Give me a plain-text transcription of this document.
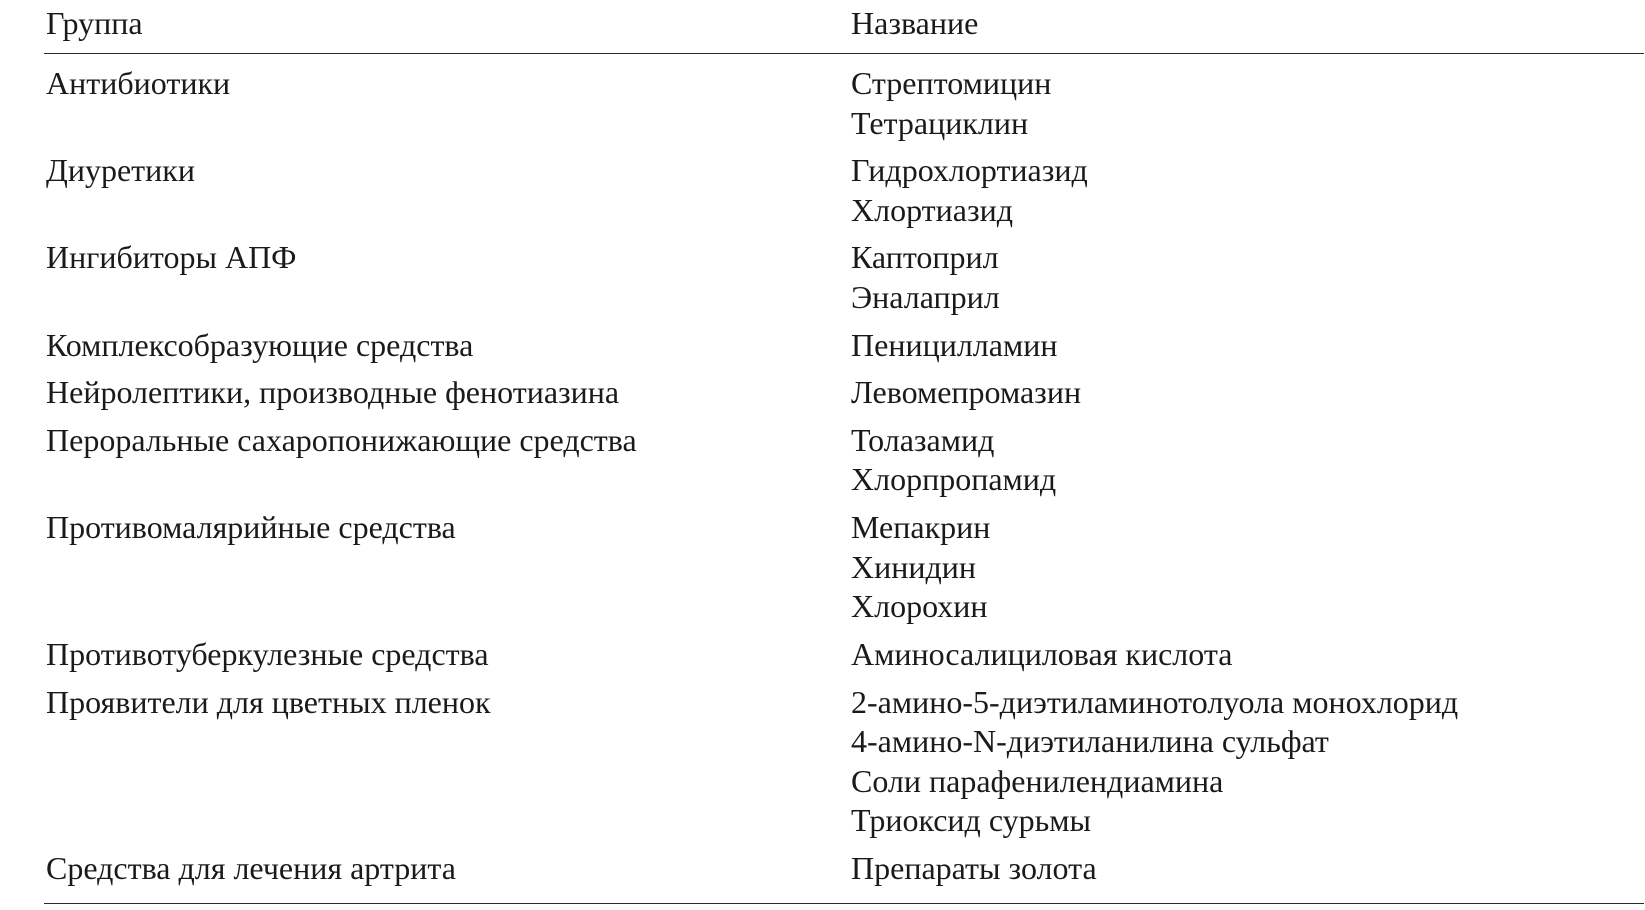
Группа	Название
Антибиотики	Стрептомицин
Тетрациклин
Диуретики	Гидрохлортиазид
Хлортиазид
Ингибиторы АПФ	Каптоприл
Эналаприл
Комплексобразующие средства	Пеницилламин
Нейролептики, производные фенотиазина	Левомепромазин
Пероральные сахаропонижающие средства	Толазамид
Хлорпропамид
Противомалярийные средства	Мепакрин
Хинидин
Хлорохин
Противотуберкулезные средства	Аминосалициловая кислота
Проявители для цветных пленок	2-амино-5-диэтиламинотолуола монохлорид
4-амино-N-диэтиланилина сульфат
Соли парафенилендиамина
Триоксид сурьмы
Средства для лечения артрита	Препараты золота
